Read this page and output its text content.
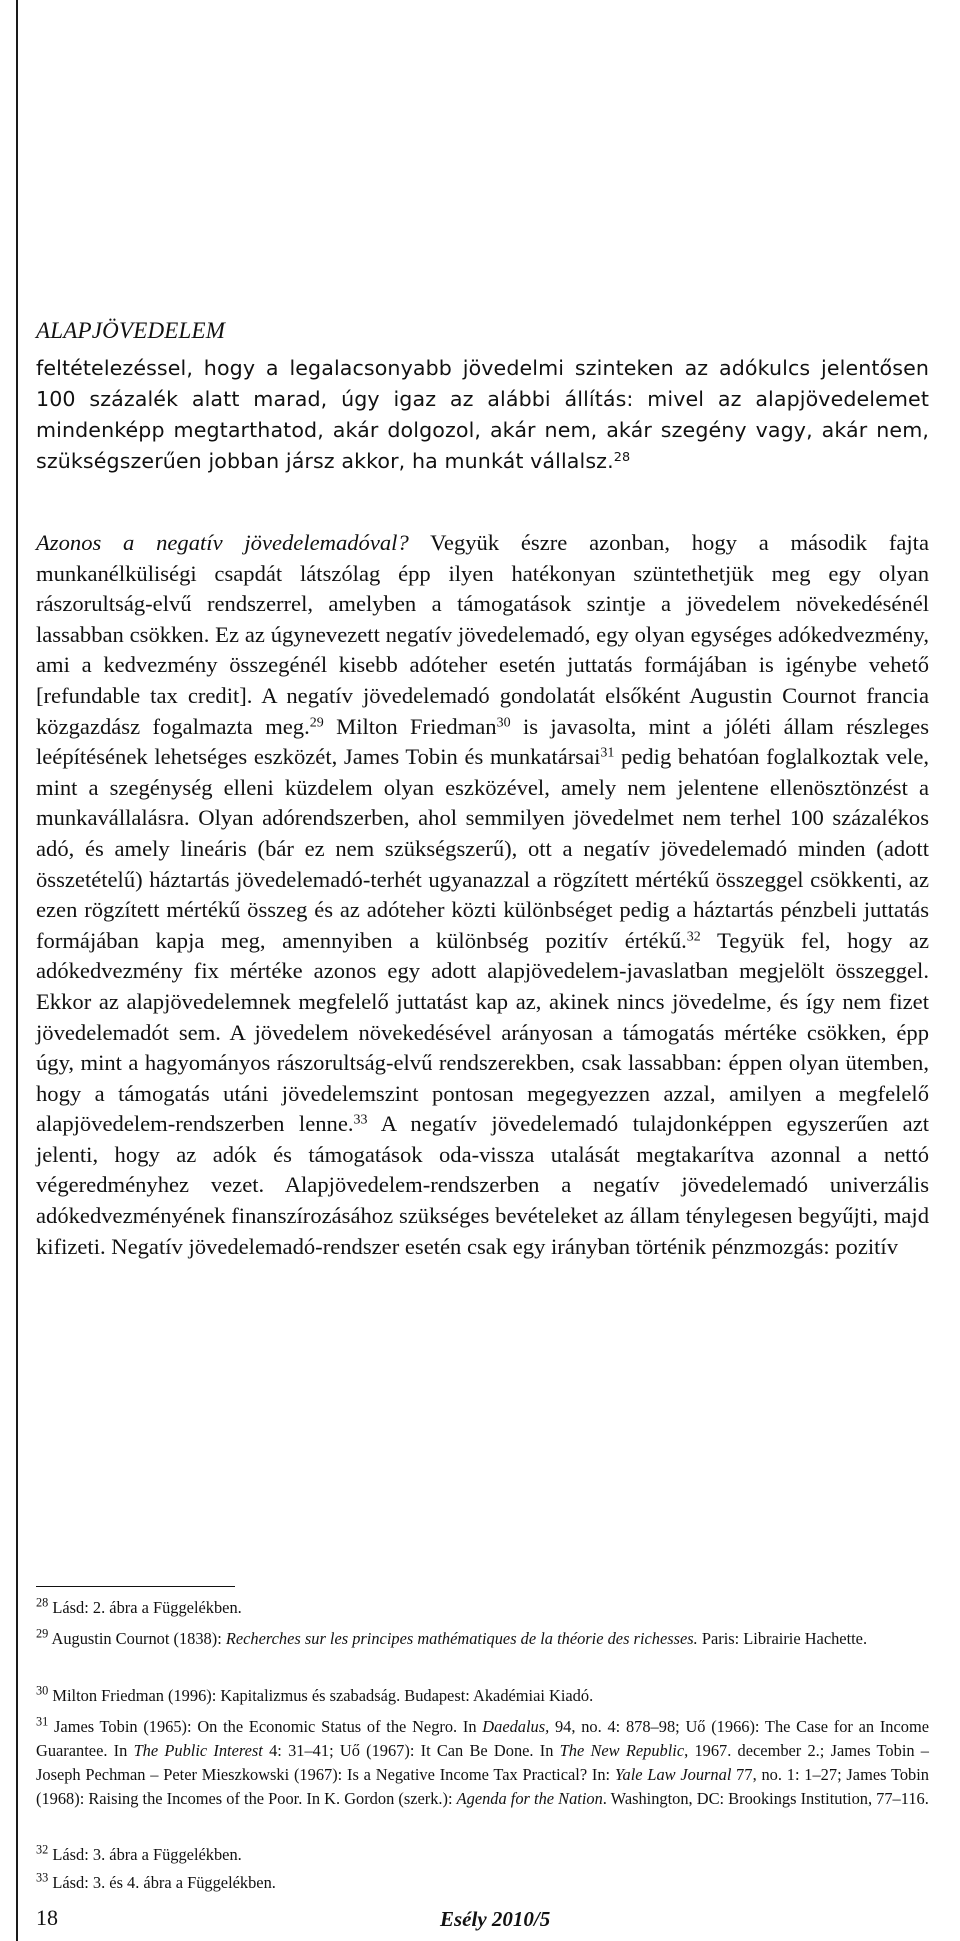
ALAPJÖVEDELEM

feltételezéssel, hogy a legalacsonyabb jövedelmi szinteken az adókulcs jelentősen 100 százalék alatt marad, úgy igaz az alábbi állítás: mivel az alapjövedelemet mindenképp megtarthatod, akár dolgozol, akár nem, akár szegény vagy, akár nem, szükségszerűen jobban jársz akkor, ha munkát vállalsz.$^{28}$

Azonos a negatív jövedelemadóval? Vegyük észre azonban, hogy a második fajta munkanélküliségi csapdát látszólag épp ilyen hatékonyan szüntethetjük meg egy olyan rászorultság-elvű rendszerrel, amelyben a támogatások szintje a jövedelem növekedésénél lassabban csökken. Ez az úgynevezett negatív jövedelemadó, egy olyan egységes adókedvezmény, ami a kedvezmény összegénél kisebb adóteher esetén juttatás formájában is igénybe vehető [refundable tax credit]. A negatív jövedelemadó gondolatát elsőként Augustin Cournot francia közgazdász fogalmazta meg.$^{29}$ Milton Friedman$^{30}$ is javasolta, mint a jóléti állam részleges leépítésének lehetséges eszközét, James Tobin és munkatársai$^{31}$ pedig behatóan foglalkoztak vele, mint a szegénység elleni küzdelem olyan eszközével, amely nem jelentene ellenösztönzést a munkavállalásra. Olyan adórendszerben, ahol semmilyen jövedelmet nem terhel 100 százalékos adó, és amely lineáris (bár ez nem szükségszerű), ott a negatív jövedelemadó minden (adott összetételű) háztartás jövedelemadó-terhét ugyanazzal a rögzített mértékű összeggel csökkenti, az ezen rögzített mértékű összeg és az adóteher közti különbséget pedig a háztartás pénzbeli juttatás formájában kapja meg, amennyiben a különbség pozitív értékű.$^{32}$ Tegyük fel, hogy az adókedvezmény fix mértéke azonos egy adott alapjövedelem-javaslatban megjelölt összeggel. Ekkor az alapjövedelemnek megfelelő juttatást kap az, akinek nincs jövedelme, és így nem fizet jövedelemadót sem. A jövedelem növekedésével arányosan a támogatás mértéke csökken, épp úgy, mint a hagyományos rászorultság-elvű rendszerekben, csak lassabban: éppen olyan ütemben, hogy a támogatás utáni jövedelemszint pontosan megegyezzen azzal, amilyen a megfelelő alapjövedelem-rendszerben lenne.$^{33}$ A negatív jövedelemadó tulajdonképpen egyszerűen azt jelenti, hogy az adók és támogatások oda-vissza utalását megtakarítva azonnal a nettó végeredményhez vezet. Alapjövedelem-rendszerben a negatív jövedelemadó univerzális adókedvezményének finanszírozásához szükséges bevételeket az állam ténylegesen begyűjti, majd kifizeti. Negatív jövedelemadó-rendszer esetén csak egy irányban történik pénzmozgás: pozitív

$^{28}$ Lásd: 2. ábra a Függelékben.

$^{29}$ Augustin Cournot (1838): Recherches sur les principes mathématiques de la théorie des richesses. Paris: Librairie Hachette.

$^{30}$ Milton Friedman (1996): Kapitalizmus és szabadság. Budapest: Akadémiai Kiadó.

$^{31}$ James Tobin (1965): On the Economic Status of the Negro. In Daedalus, 94, no. 4: 878–98; Uő (1966): The Case for an Income Guarantee. In The Public Interest 4: 31–41; Uő (1967): It Can Be Done. In The New Republic, 1967. december 2.; James Tobin – Joseph Pechman – Peter Mieszkowski (1967): Is a Negative Income Tax Practical? In: Yale Law Journal 77, no. 1: 1–27; James Tobin (1968): Raising the Incomes of the Poor. In K. Gordon (szerk.): Agenda for the Nation. Washington, DC: Brookings Institution, 77–116.

$^{32}$ Lásd: 3. ábra a Függelékben.

$^{33}$ Lásd: 3. és 4. ábra a Függelékben.

18	Esély 2010/5
